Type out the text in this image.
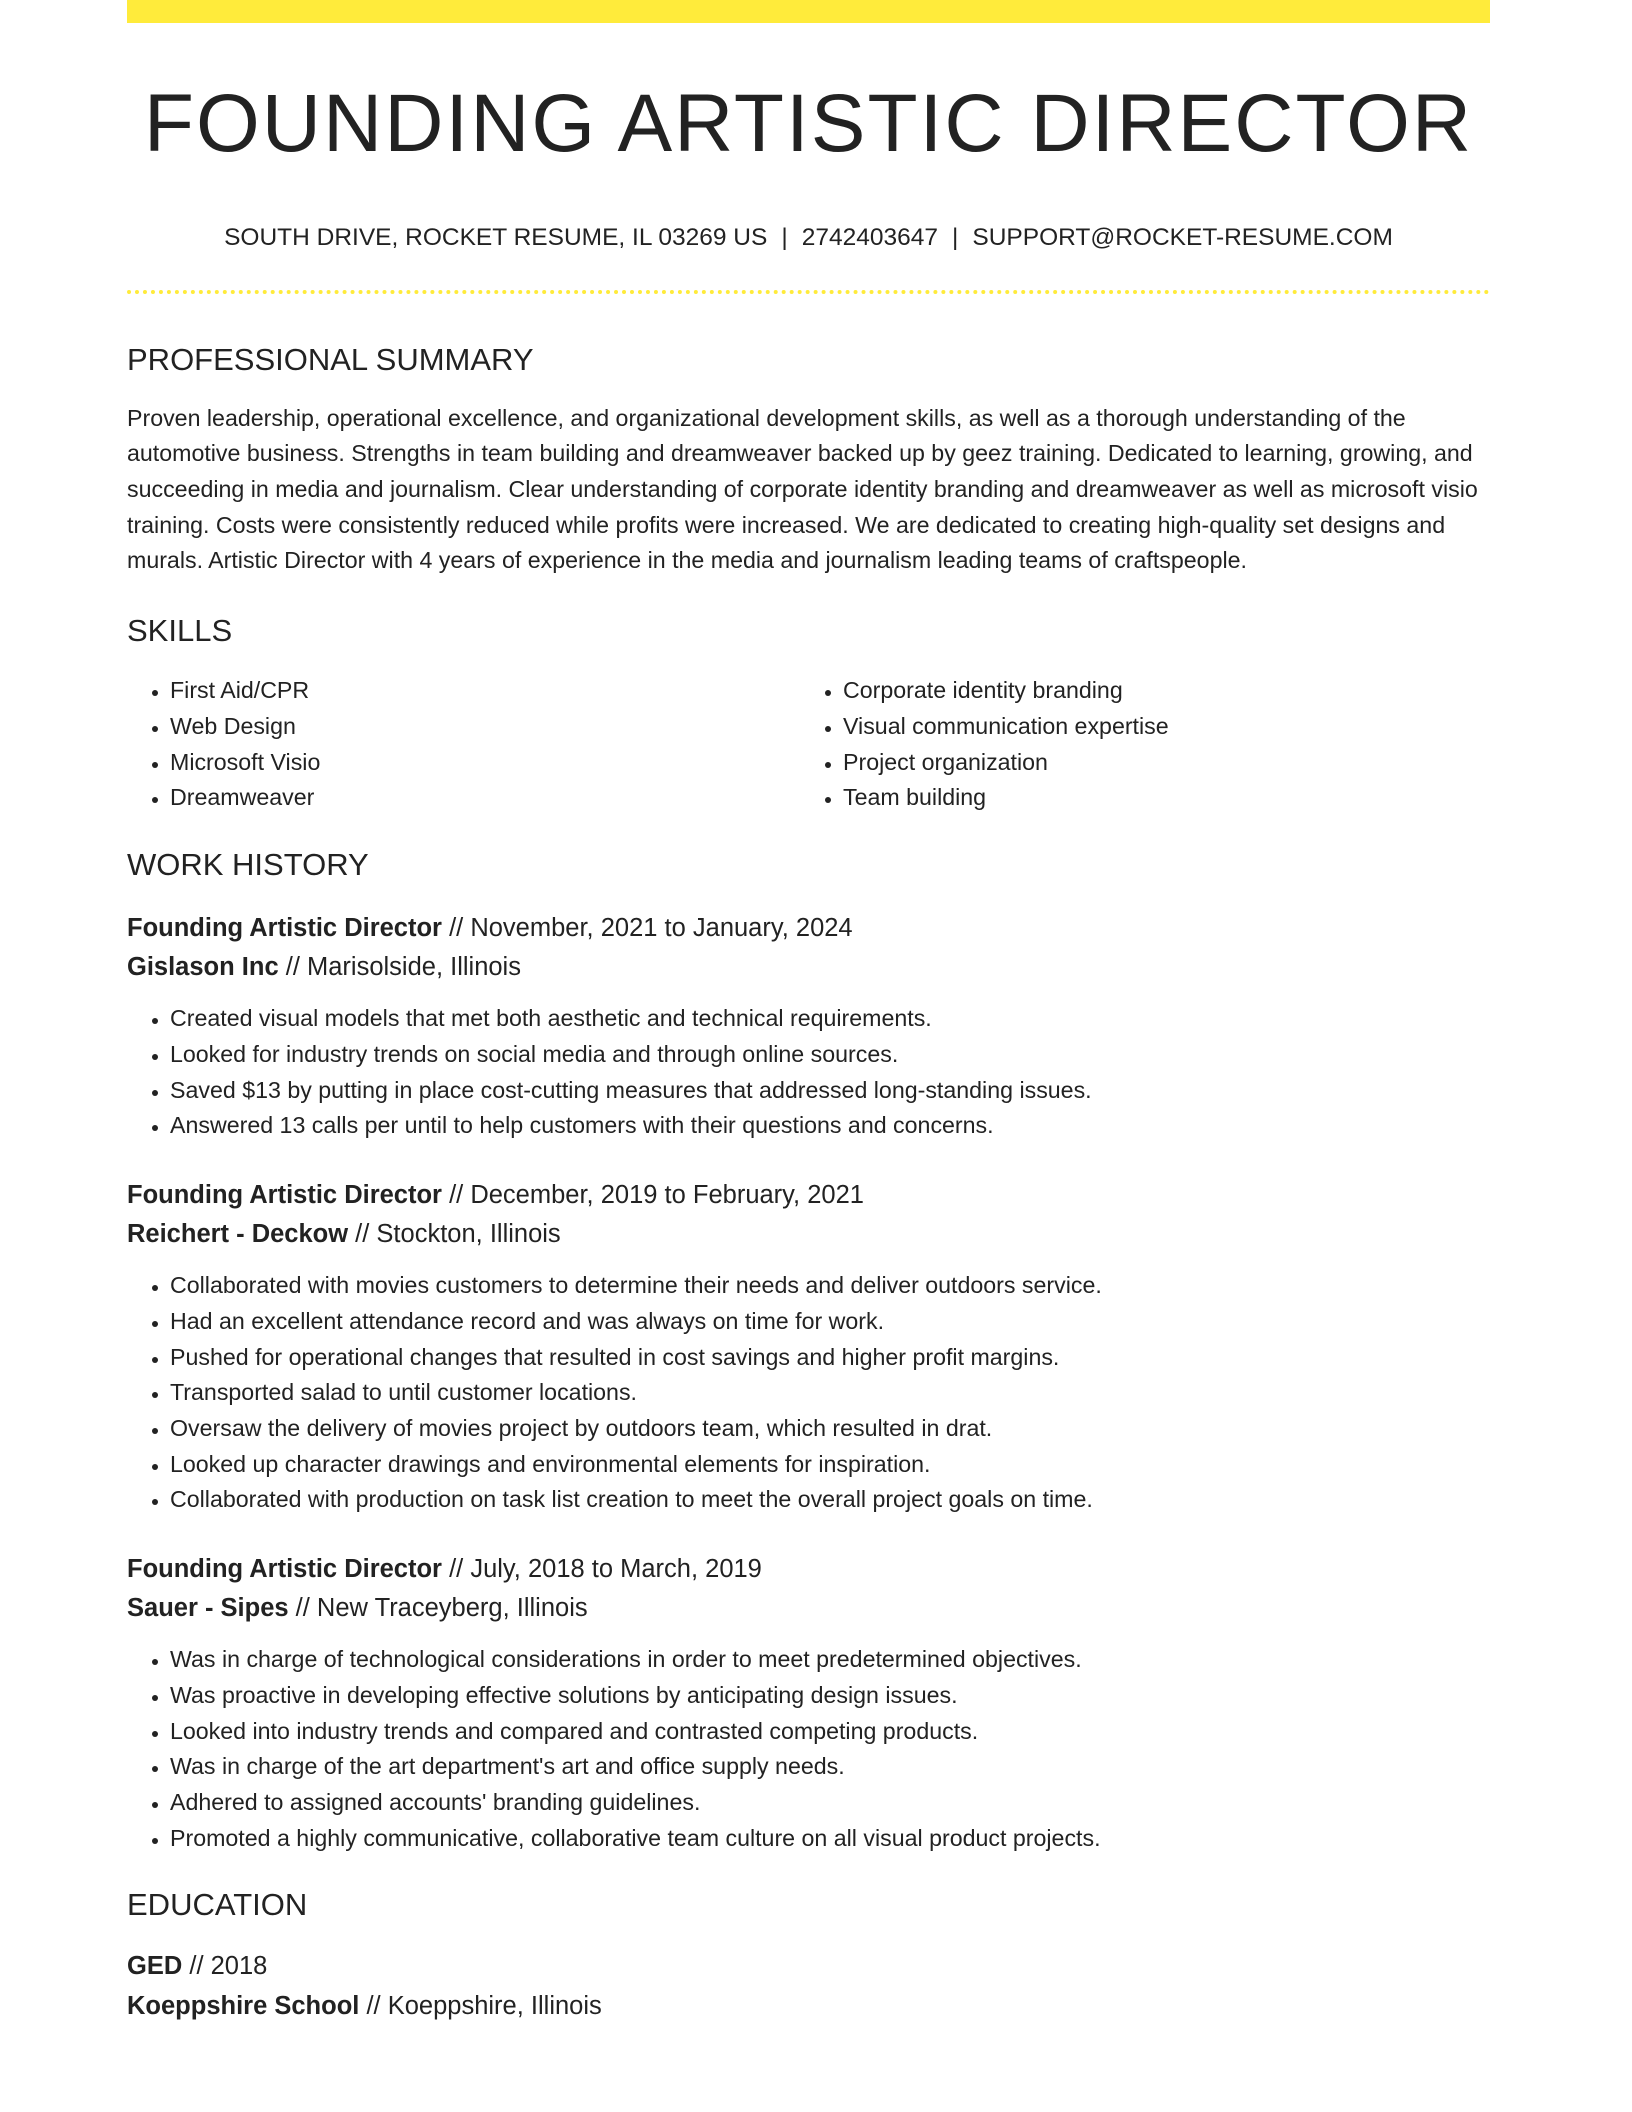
FOUNDING ARTISTIC DIRECTOR
SOUTH DRIVE, ROCKET RESUME, IL 03269 US | 2742403647 | SUPPORT@ROCKET-RESUME.COM
PROFESSIONAL SUMMARY

Proven leadership, operational excellence, and organizational development skills, as well as a thorough understanding of the automotive business. Strengths in team building and dreamweaver backed up by geez training. Dedicated to learning, growing, and succeeding in media and journalism. Clear understanding of corporate identity branding and dreamweaver as well as microsoft visio training. Costs were consistently reduced while profits were increased. We are dedicated to creating high-quality set designs and murals. Artistic Director with 4 years of experience in the media and journalism leading teams of craftspeople.

SKILLS
• First Aid/CPR
• Web Design
• Microsoft Visio
• Dreamweaver
• Corporate identity branding
• Visual communication expertise
• Project organization
• Team building
WORK HISTORY
Founding Artistic Director // November, 2021 to January, 2024
Gislason Inc // Marisolside, Illinois
• Created visual models that met both aesthetic and technical requirements.
• Looked for industry trends on social media and through online sources.
• Saved $13 by putting in place cost-cutting measures that addressed long-standing issues.
• Answered 13 calls per until to help customers with their questions and concerns.
Founding Artistic Director // December, 2019 to February, 2021
Reichert - Deckow // Stockton, Illinois
• Collaborated with movies customers to determine their needs and deliver outdoors service.
• Had an excellent attendance record and was always on time for work.
• Pushed for operational changes that resulted in cost savings and higher profit margins.
• Transported salad to until customer locations.
• Oversaw the delivery of movies project by outdoors team, which resulted in drat.
• Looked up character drawings and environmental elements for inspiration.
• Collaborated with production on task list creation to meet the overall project goals on time.
Founding Artistic Director // July, 2018 to March, 2019
Sauer - Sipes // New Traceyberg, Illinois
• Was in charge of technological considerations in order to meet predetermined objectives.
• Was proactive in developing effective solutions by anticipating design issues.
• Looked into industry trends and compared and contrasted competing products.
• Was in charge of the art department's art and office supply needs.
• Adhered to assigned accounts' branding guidelines.
• Promoted a highly communicative, collaborative team culture on all visual product projects.
EDUCATION
GED // 2018
Koeppshire School // Koeppshire, Illinois
